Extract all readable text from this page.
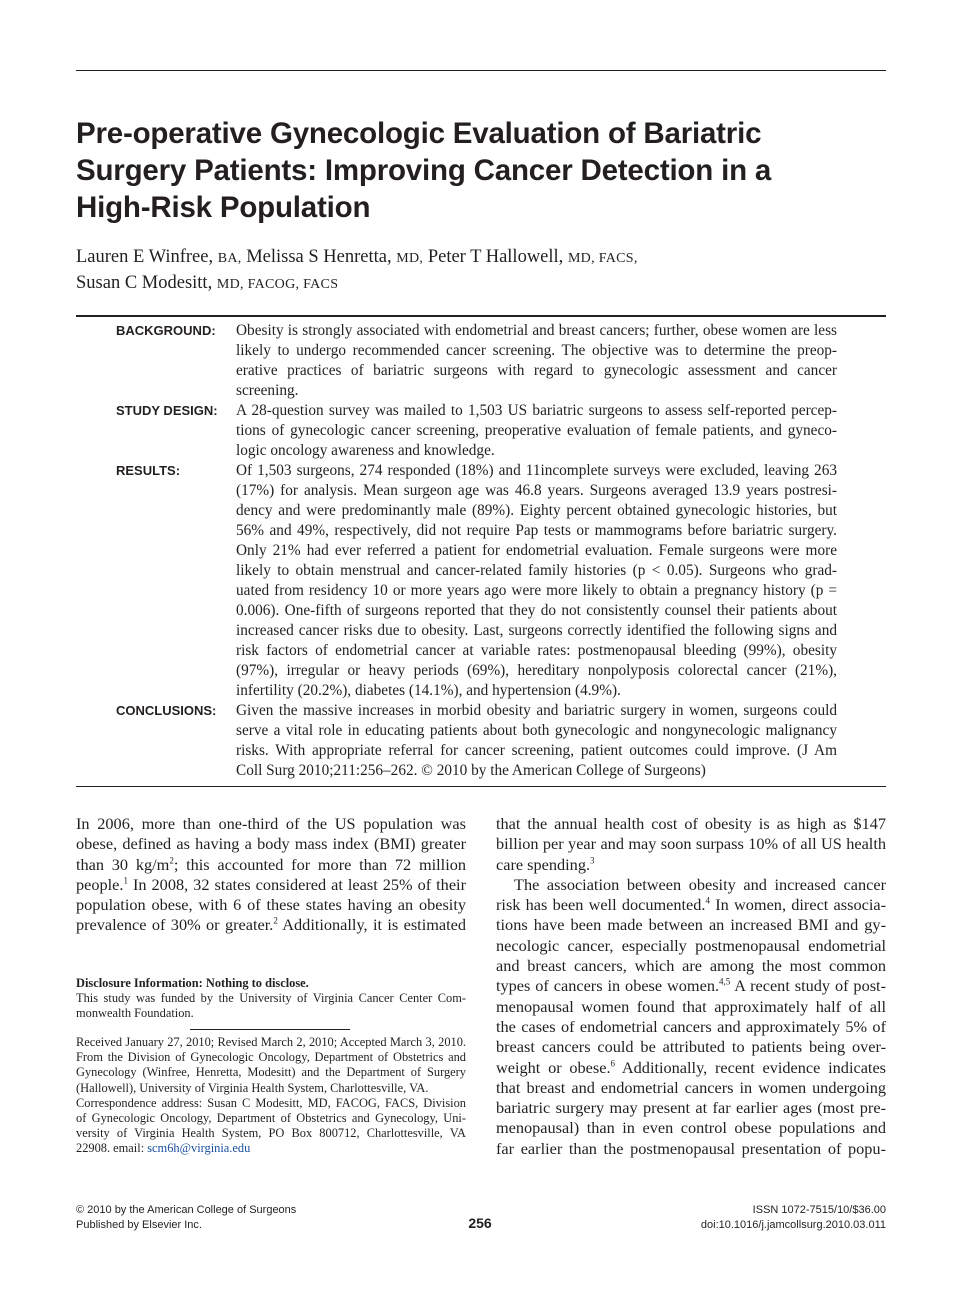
Pre-operative Gynecologic Evaluation of Bariatric
Surgery Patients: Improving Cancer Detection in a
High-Risk Population
Lauren E Winfree, BA, Melissa S Henretta, MD, Peter T Hallowell, MD, FACS,
Susan C Modesitt, MD, FACOG, FACS
BACKGROUND: Obesity is strongly associated with endometrial and breast cancers; further, obese women are less
likely to undergo recommended cancer screening. The objective was to determine the preop-
erative practices of bariatric surgeons with regard to gynecologic assessment and cancer
screening.
STUDY DESIGN: A 28-question survey was mailed to 1,503 US bariatric surgeons to assess self-reported percep-
tions of gynecologic cancer screening, preoperative evaluation of female patients, and gyneco-
logic oncology awareness and knowledge.
RESULTS:	Of 1,503 surgeons, 274 responded (18%) and 11incomplete surveys were excluded, leaving 263
(17%) for analysis. Mean surgeon age was 46.8 years. Surgeons averaged 13.9 years postresi-
dency and were predominantly male (89%). Eighty percent obtained gynecologic histories, but
56% and 49%, respectively, did not require Pap tests or mammograms before bariatric surgery.
Only 21% had ever referred a patient for endometrial evaluation. Female surgeons were more
likely to obtain menstrual and cancer-related family histories (p < 0.05). Surgeons who grad-
uated from residency 10 or more years ago were more likely to obtain a pregnancy history (p =
0.006). One-fifth of surgeons reported that they do not consistently counsel their patients about
increased cancer risks due to obesity. Last, surgeons correctly identified the following signs and
risk factors of endometrial cancer at variable rates: postmenopausal bleeding (99%), obesity
(97%), irregular or heavy periods (69%), hereditary nonpolyposis colorectal cancer (21%),
infertility (20.2%), diabetes (14.1%), and hypertension (4.9%).
CONCLUSIONS: Given the massive increases in morbid obesity and bariatric surgery in women, surgeons could
serve a vital role in educating patients about both gynecologic and nongynecologic malignancy
risks. With appropriate referral for cancer screening, patient outcomes could improve. (J Am
Coll Surg 2010;211:256–262. © 2010 by the American College of Surgeons)
In 2006, more than one-third of the US population was
obese, defined as having a body mass index (BMI) greater
than 30 $kg/m^2$; this accounted for more than 72 million
people.$^1$ In 2008, 32 states considered at least 25% of their
population obese, with 6 of these states having an obesity
prevalence of 30% or greater.$^2$ Additionally, it is estimated
Disclosure Information: Nothing to disclose.
This study was funded by the University of Virginia Cancer Center Com-
monwealth Foundation.
Received January 27, 2010; Revised March 2, 2010; Accepted March 3, 2010.
From the Division of Gynecologic Oncology, Department of Obstetrics and
Gynecology (Winfree, Henretta, Modesitt) and the Department of Surgery
(Hallowell), University of Virginia Health System, Charlottesville, VA.
Correspondence address: Susan C Modesitt, MD, FACOG, FACS, Division
of Gynecologic Oncology, Department of Obstetrics and Gynecology, Uni-
versity of Virginia Health System, PO Box 800712, Charlottesville, VA
22908. email: scm6h@virginia.edu
that the annual health cost of obesity is as high as $147
billion per year and may soon surpass 10% of all US health
care spending.$^3$
The association between obesity and increased cancer
risk has been well documented.$^4$ In women, direct associa-
tions have been made between an increased BMI and gy-
necologic cancer, especially postmenopausal endometrial
and breast cancers, which are among the most common
types of cancers in obese women.$^{4,5}$ A recent study of post-
menopausal women found that approximately half of all
the cases of endometrial cancers and approximately 5% of
breast cancers could be attributed to patients being over-
weight or obese.$^6$ Additionally, recent evidence indicates
that breast and endometrial cancers in women undergoing
bariatric surgery may present at far earlier ages (most pre-
menopausal) than in even control obese populations and
far earlier than the postmenopausal presentation of popu-
© 2010 by the American College of Surgeons
Published by Elsevier Inc.	256
ISSN 1072-7515/10/$36.00
doi:10.1016/j.jamcollsurg.2010.03.011
